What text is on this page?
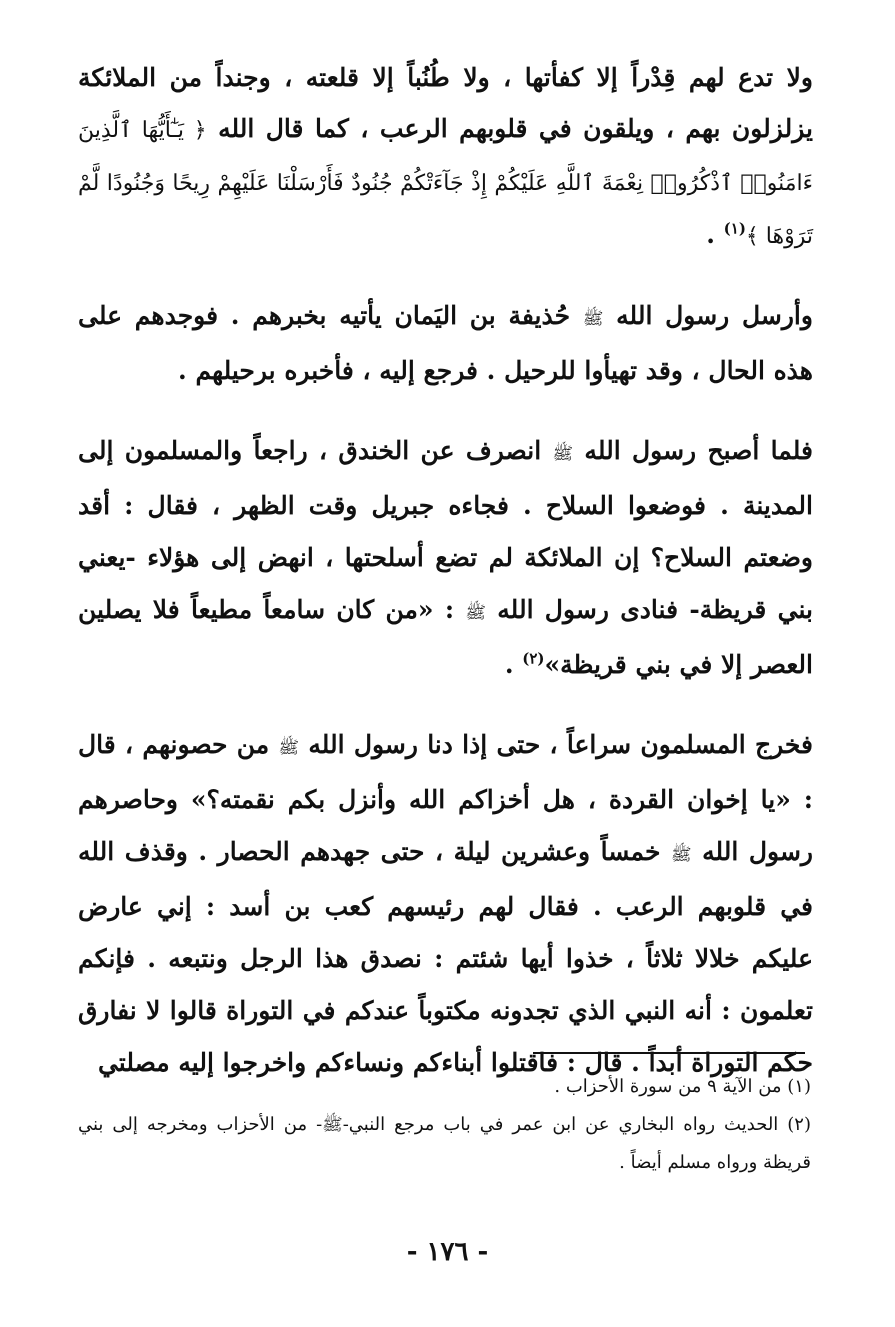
ولا تدع لهم قِدْراً إلا كفأتها ، ولا طُنُباً إلا قلعته ، وجنداً من الملائكة يزلزلون بهم ، ويلقون في قلوبهم الرعب ، كما قال الله ﴿ يَـٰٓأَيُّهَا ٱلَّذِينَ ءَامَنُوا۟ ٱذْكُرُوا۟ نِعْمَةَ ٱللَّهِ عَلَيْكُمْ إِذْ جَآءَتْكُمْ جُنُودٌ فَأَرْسَلْنَا عَلَيْهِمْ رِيحًا وَجُنُودًا لَّمْ تَرَوْهَا ﴾$^{(١)}$ .

وأرسل رسول الله ﷺ حُذيفة بن اليَمان يأتيه بخبرهم . فوجدهم على هذه الحال ، وقد تهيأوا للرحيل . فرجع إليه ، فأخبره برحيلهم .

فلما أصبح رسول الله ﷺ انصرف عن الخندق ، راجعاً والمسلمون إلى المدينة . فوضعوا السلاح . فجاءه جبريل وقت الظهر ، فقال : أقد وضعتم السلاح؟ إن الملائكة لم تضع أسلحتها ، انهض إلى هؤلاء -يعني بني قريظة- فنادى رسول الله ﷺ : «من كان سامعاً مطيعاً فلا يصلين العصر إلا في بني قريظة»$^{(٢)}$ .

فخرج المسلمون سراعاً ، حتى إذا دنا رسول الله ﷺ من حصونهم ، قال : «يا إخوان القردة ، هل أخزاكم الله وأنزل بكم نقمته؟» وحاصرهم رسول الله ﷺ خمساً وعشرين ليلة ، حتى جهدهم الحصار . وقذف الله في قلوبهم الرعب . فقال لهم رئيسهم كعب بن أسد : إني عارض عليكم خلالا ثلاثاً ، خذوا أيها شئتم : نصدق هذا الرجل ونتبعه . فإنكم تعلمون : أنه النبي الذي تجدونه مكتوباً عندكم في التوراة قالوا لا نفارق حكم التوراة أبداً . قال : فاقتلوا أبناءكم ونساءكم واخرجوا إليه مصلتي

(١) من الآية ٩ من سورة الأحزاب .

(٢) الحديث رواه البخاري عن ابن عمر في باب مرجع النبي-ﷺ- من الأحزاب ومخرجه إلى بني قريظة ورواه مسلم أيضاً .

- ١٧٦ -
